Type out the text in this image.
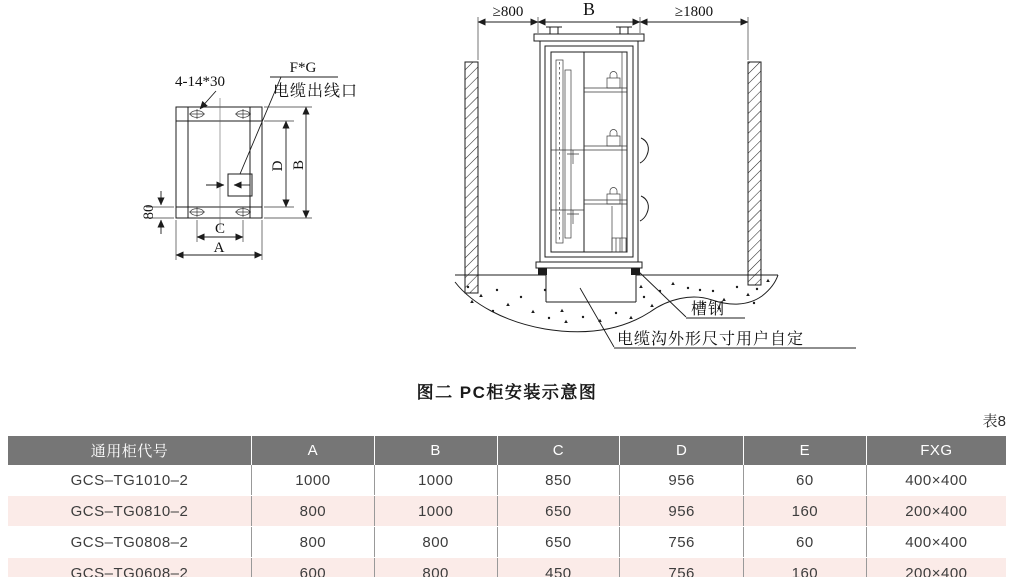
4-14*30
F*G
电缆出线口
D B
C
A
80
≥800	B	≥1800
槽钢
电缆沟外形尺寸用户自定
图二 PC柜安装示意图
表8
通用柜代号	A	B	C	D	E	FXG
GCS–TG1010–2	1000	1000	850	956	60	400×400
GCS–TG0810–2	800	1000	650	956	160	200×400
GCS–TG0808–2	800	800	650	756	60	400×400
GCS–TG0608–2	600	800	450	756	160	200×400
